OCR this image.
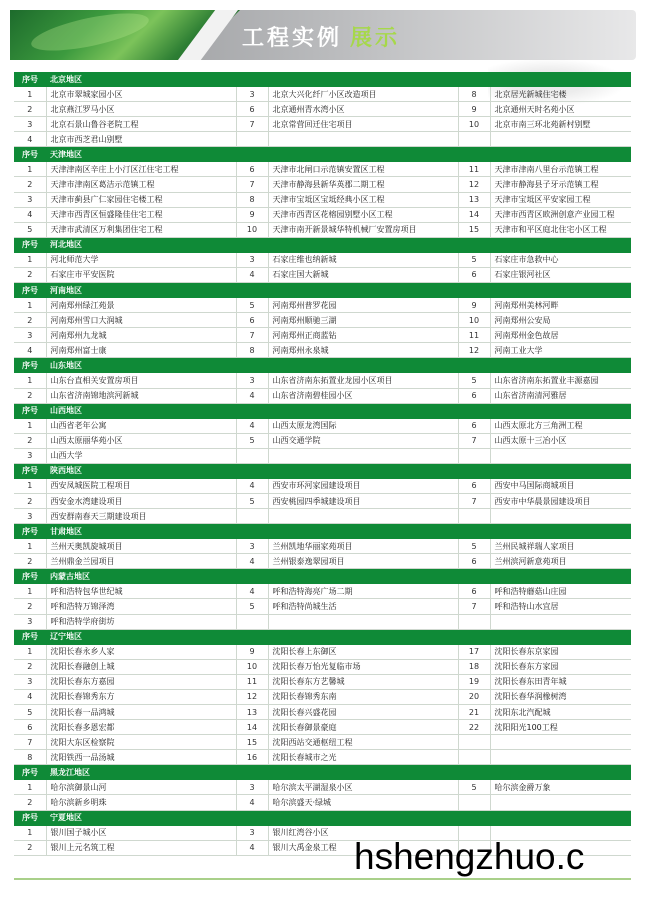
工程实例 展示
序号	北京地区				
1	北京市翠城家园小区	3	北京大兴化纤厂小区改造项目	8	北京居光新城住宅楼
2	北京燕江罗马小区	6	北京通州青水湾小区	9	北京通州天时名苑小区
3	北京石景山鲁谷老院工程	7	北京常营回迁住宅项目	10	北京市南三环北苑新村别墅
4	北京市西芝君山别墅				
序号	天津地区				
1	天津津南区辛庄上小汀区江住宅工程	6	天津市北闸口示范镇安置区工程	11	天津市津南八里台示范镇工程
2	天津市津南区葛洁示范镇工程	7	天津市静海县新华英郡二期工程	12	天津市静海县子牙示范镇工程
3	天津市蓟县广仁家园住宅楼工程	8	天津市宝坻区宝坻经典小区工程	13	天津市宝坻区平安家园工程
4	天津市西青区恒盛隆佳住宅工程	9	天津市西青区花榕园别墅小区工程	14	天津市西青区欧洲创意产业园工程
5	天津市武清区万利集团住宅工程	10	天津市南开新景城华特机械厂安置房项目	15	天津市和平区庭北住宅小区工程
序号	河北地区				
1	河北师范大学	3	石家庄维也纳新城	5	石家庄市急救中心
2	石家庄市平安医院	4	石家庄国大新城	6	石家庄银河社区
序号	河南地区				
1	河南郑州绿江苑景	5	河南郑州普罗花园	9	河南郑州美林河畔
2	河南郑州雪口大润城	6	河南郑州顺驰三湖	10	河南郑州公安局
3	河南郑州九龙城	7	河南郑州正商蓝钻	11	河南郑州金色故居
4	河南郑州富士康	8	河南郑州永泉城	12	河南工业大学
序号	山东地区				
1	山东台直相关安置房项目	3	山东省济南东拓置业龙园小区项目	5	山东省济南东拓置业丰源嘉园
2	山东省济南锦地滨河新城	4	山东省济南碧桂园小区	6	山东省济南清河雅居
序号	山西地区				
1	山西省老年公寓	4	山西太原龙湾国际	6	山西太原北方三角洲工程
2	山西太原丽华苑小区	5	山西交通学院	7	山西太原十三冶小区
3	山西大学				
序号	陕西地区				
1	西安凤城医院工程项目	4	西安市环河家园建设项目	6	西安中马国际商城项目
2	西安金水湾建设项目	5	西安桃园四季城建设项目	7	西安市中华晨景园建设项目
3	西安群南春天三期建设项目				
序号	甘肃地区				
1	兰州天奥凯旋城项目	3	兰州凯地华丽家苑项目	5	兰州民城祥瑞人家项目
2	兰州鼎金兰园项目	4	兰州银泰逸翠园项目	6	兰州滨河新意苑项目
序号	内蒙古地区				
1	呼和浩特包华世纪城	4	呼和浩特海亮广场二期	6	呼和浩特蘑菇山庄园
2	呼和浩特万锦泽湾	5	呼和浩特尚城生活	7	呼和浩特山水宜居
3	呼和浩特学府街坊				
序号	辽宁地区				
1	沈阳长春永乡人家	9	沈阳长春上东御区	17	沈阳长春东京家园
2	沈阳长春融创上城	10	沈阳长春万怡光复临市场	18	沈阳长春东方家园
3	沈阳长春东方嘉园	11	沈阳长春东方艺馨城	19	沈阳长春东田青年城
4	沈阳长春锦秀东方	12	沈阳长春锦秀东南	20	沈阳长春华润橡树湾
5	沈阳长春一品鸿城	13	沈阳长春兴盛花园	21	沈阳东北汽配城
6	沈阳长春多恩宏都	14	沈阳长春御景豪庭	22	沈阳阳光100工程
7	沈阳大东区检察院	15	沈阳西站交通枢纽工程		
8	沈阳铁西一品汤城	16	沈阳长春城市之光		
序号	黑龙江地区				
1	哈尔滨御景山河	3	哈尔滨太平湖湿泉小区	5	哈尔滨金爵万象
2	哈尔滨新乡明珠	4	哈尔滨盛天·绿城		
序号	宁夏地区				
1	银川国子城小区	3	银川红湾谷小区		
2	银川上元名筑工程	4	银川大禹金泉工程		hshengzhuo.c
